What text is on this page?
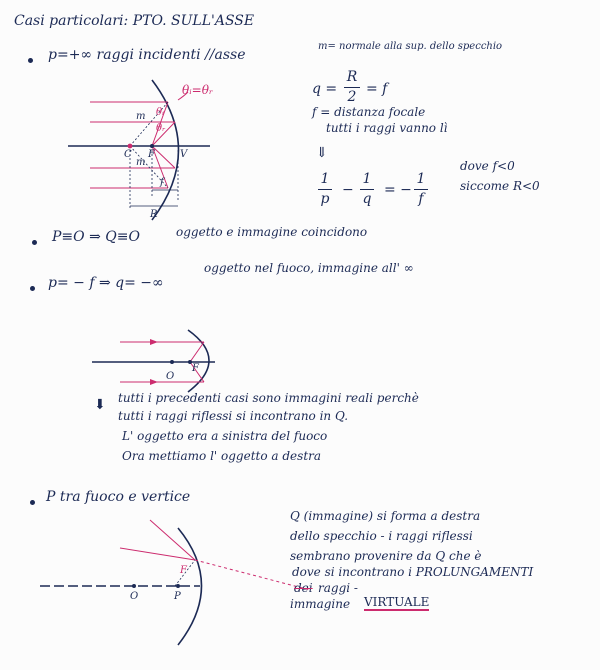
Casi particolari: PTO. SULL'ASSE
p=+∞ raggi incidenti //asse
m= normale alla sup. dello specchio
θᵢ=θᵣ
m
m
θᵢ
θᵣ
C F	V
f
R
q =
R
2
= f
f = distanza focale
tutti i raggi vanno lì
⇓
1
p
−
1
q
= −
1
f
dove f<0
siccome R<0
P≡O ⇒ Q≡O	oggetto e immagine coincidono
p= − f ⇒ q= −∞
oggetto nel fuoco, immagine all' ∞
O
F
⬇ tutti i precedenti casi sono immagini reali perchè
tutti i raggi riflessi si incontrano in Q.
L' oggetto era a sinistra del fuoco
Ora mettiamo l' oggetto a destra
P tra fuoco e vertice
Q (immagine) si forma a destra
dello specchio - i raggi riflessi
sembrano provenire da Q che è
dove si incontrano i PROLUNGAMENTI
dei raggi -
immagine VIRTUALE
O	P
F
